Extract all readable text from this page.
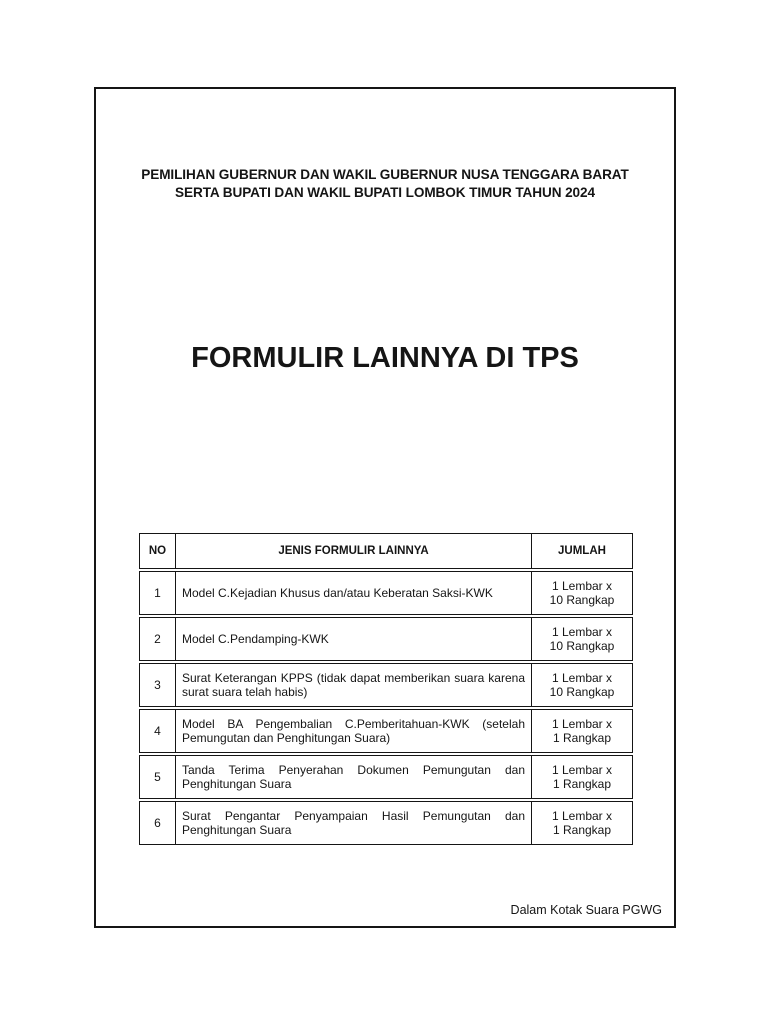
PEMILIHAN GUBERNUR DAN WAKIL GUBERNUR NUSA TENGGARA BARAT
SERTA BUPATI DAN WAKIL BUPATI LOMBOK TIMUR TAHUN 2024
FORMULIR LAINNYA DI TPS
NO	JENIS FORMULIR LAINNYA	JUMLAH
1	Model C.Kejadian Khusus dan/atau Keberatan Saksi-KWK	1 Lembar x
10 Rangkap

2	Model C.Pendamping-KWK	1 Lembar x
10 Rangkap

3	Surat Keterangan KPPS (tidak dapat memberikan suara karena surat suara telah habis)	1 Lembar x
10 Rangkap

4	Model BA Pengembalian C.Pemberitahuan-KWK (setelah Pemungutan dan Penghitungan Suara)	1 Lembar x
1 Rangkap

5	Tanda Terima Penyerahan Dokumen Pemungutan dan Penghitungan Suara	1 Lembar x
1 Rangkap

6	Surat Pengantar Penyampaian Hasil Pemungutan dan Penghitungan Suara	1 Lembar x
1 Rangkap
Dalam Kotak Suara PGWG
